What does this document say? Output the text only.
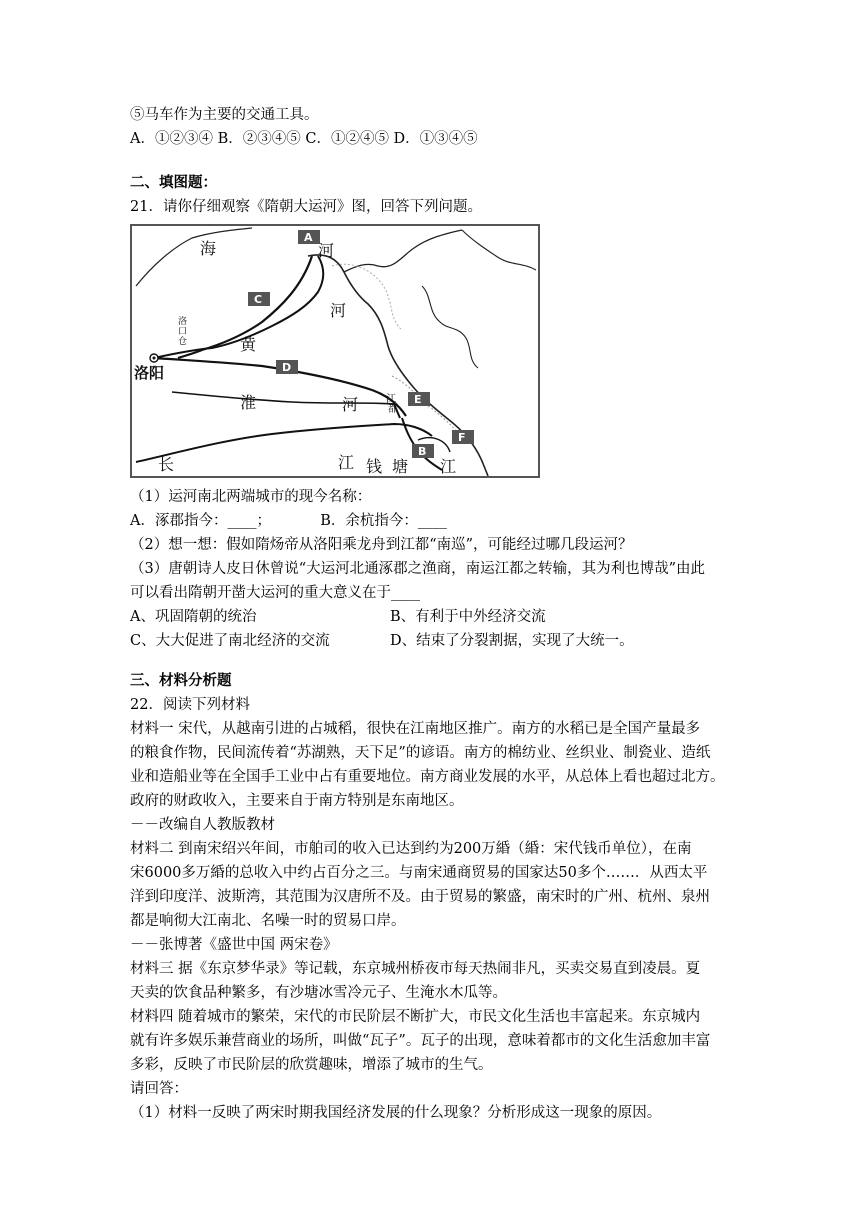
⑤马车作为主要的交通工具。
A．①②③④ B．②③④⑤ C．①②④⑤ D．①③④⑤
二、填图题：
21．请你仔细观察《隋朝大运河》图，回答下列问题。
A
C
D
E
F
B
海	河
河
黄
淮	河
洛阳
洛
口
仓
江
都
长	江 钱 塘 江
（1）运河南北两端城市的现今名称：
A．涿郡指今：____；	B．余杭指今：____
（2）想一想：假如隋炀帝从洛阳乘龙舟到江都“南巡”，可能经过哪几段运河？
（3）唐朝诗人皮日休曾说“大运河北通涿郡之渔商，南运江都之转输，其为利也博哉”由此
可以看出隋朝开凿大运河的重大意义在于____
A、巩固隋朝的统治	B、有利于中外经济交流
C、大大促进了南北经济的交流	D、结束了分裂割据，实现了大统一。
三、材料分析题
22．阅读下列材料
材料一 宋代，从越南引进的占城稻，很快在江南地区推广。南方的水稻已是全国产量最多
的粮食作物，民间流传着“苏湖熟，天下足”的谚语。南方的棉纺业、丝织业、制瓷业、造纸
业和造船业等在全国手工业中占有重要地位。南方商业发展的水平，从总体上看也超过北方。
政府的财政收入，主要来自于南方特别是东南地区。
－－改编自人教版教材
材料二 到南宋绍兴年间，市舶司的收入已达到约为200万緍（緍：宋代钱币单位），在南
宋6000多万緍的总收入中约占百分之三。与南宋通商贸易的国家达50多个……．从西太平
洋到印度洋、波斯湾，其范围为汉唐所不及。由于贸易的繁盛，南宋时的广州、杭州、泉州
都是响彻大江南北、名噪一时的贸易口岸。
－－张博著《盛世中国 两宋卷》
材料三 据《东京梦华录》等记载，东京城州桥夜市每天热闹非凡，买卖交易直到凌晨。夏
天卖的饮食品种繁多，有沙塘冰雪冷元子、生淹水木瓜等。
材料四 随着城市的繁荣，宋代的市民阶层不断扩大，市民文化生活也丰富起来。东京城内
就有许多娱乐兼营商业的场所，叫做“瓦子”。瓦子的出现，意味着都市的文化生活愈加丰富
多彩，反映了市民阶层的欣赏趣味，增添了城市的生气。
请回答：
（1）材料一反映了两宋时期我国经济发展的什么现象？分析形成这一现象的原因。
